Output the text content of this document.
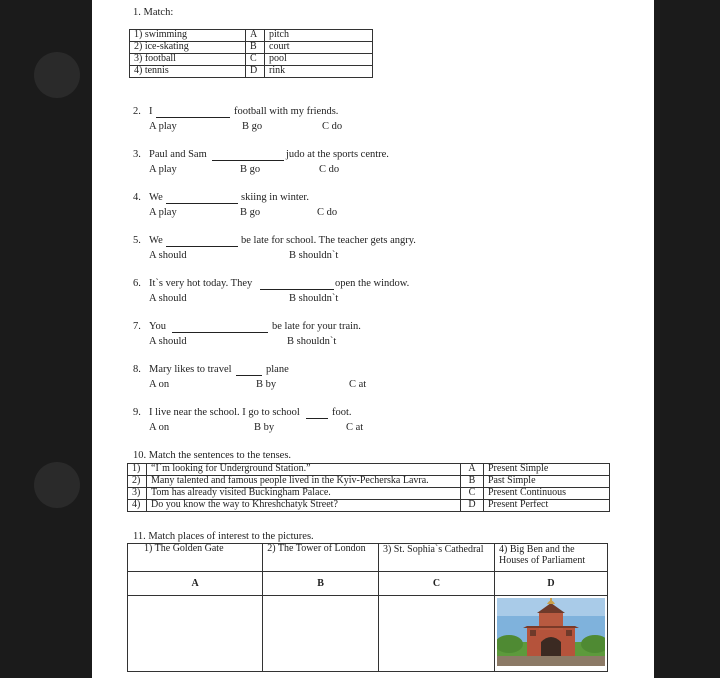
1. Match:
1) swimming	A	pitch
2) ice-skating	B	court
3) football	C	pool
4) tennis	D	rink
2. I	football with my friends.
A play	B go	C do
3. Paul and Sam	judo at the sports centre.
A play	B go	C do
4. We	skiing in winter.
A play	B go	C do
5. We	be late for school. The teacher gets angry.
A should	B shouldn`t
6. It`s very hot today. They	open the window.
A should	B shouldn`t
7. You	be late for your train.
A should	B shouldn`t
8. Mary likes to travel	plane
A on	B by	C at
9. I live near the school. I go to school	foot.
A on	B by	C at
10. Match the sentences to the tenses.
1)	“I`m looking for Underground Station.”	A	Present Simple
2)	Many talented and famous people lived in the Kyiv-Pecherska Lavra.	B	Past Simple
3)	Tom has already visited Buckingham Palace.	C	Present Continuous
4)	Do you know the way to Khreshchatyk Street?	D	Present Perfect
11. Match places of interest to the pictures.
1) The Golden Gate	2) The Tower of London	3) St. Sophia`s Cathedral	4) Big Ben and the Houses of Parliament
A	B	C	D
